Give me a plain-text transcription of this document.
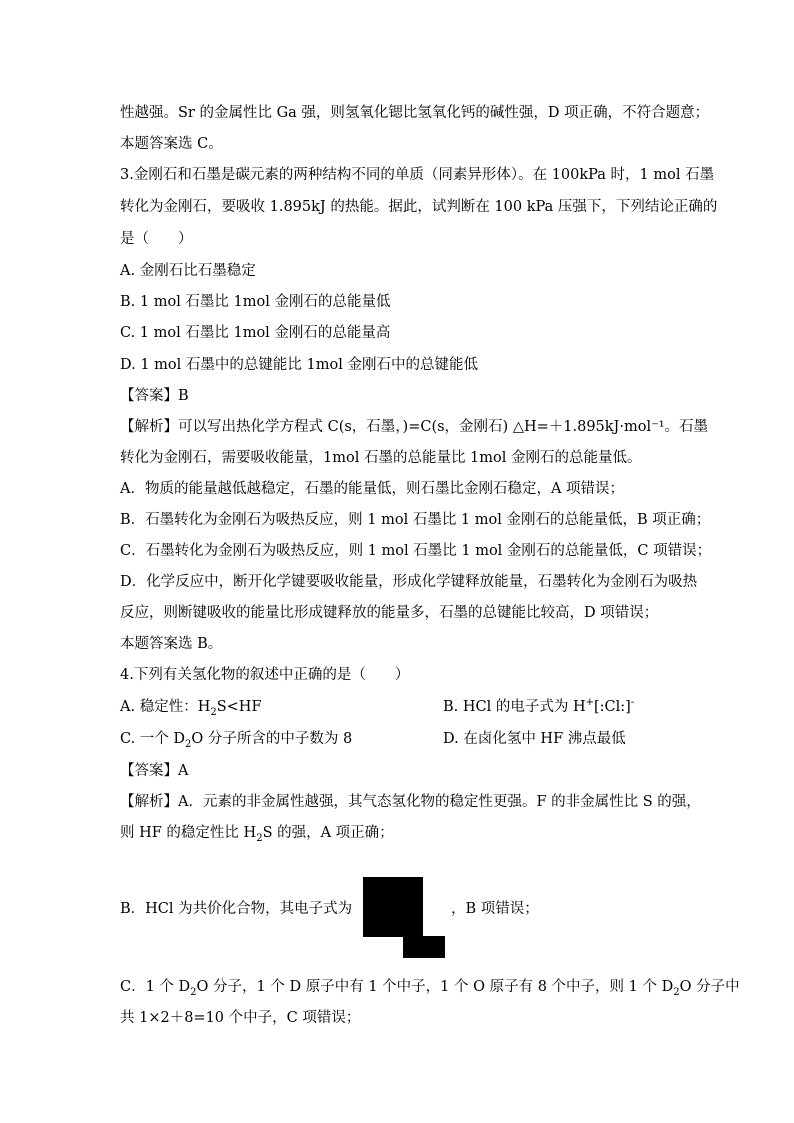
性越强。Sr 的金属性比 Ga 强，则氢氧化锶比氢氧化钙的碱性强，D 项正确，不符合题意；
本题答案选 C。
3.金刚石和石墨是碳元素的两种结构不同的单质（同素异形体）。在 100kPa 时，1 mol 石墨
转化为金刚石，要吸收 1.895kJ 的热能。据此，试判断在 100 kPa 压强下，下列结论正确的
是（　　）
A. 金刚石比石墨稳定
B. 1 mol 石墨比 1mol 金刚石的总能量低
C. 1 mol 石墨比 1mol 金刚石的总能量高
D. 1 mol 石墨中的总键能比 1mol 金刚石中的总键能低
【答案】B
【解析】可以写出热化学方程式 C(s，石墨，)=C(s，金刚石) △H=＋1.895kJ·mol⁻¹。石墨
转化为金刚石，需要吸收能量，1mol 石墨的总能量比 1mol 金刚石的总能量低。
A．物质的能量越低越稳定，石墨的能量低，则石墨比金刚石稳定，A 项错误；
B．石墨转化为金刚石为吸热反应，则 1 mol 石墨比 1 mol 金刚石的总能量低，B 项正确；
C．石墨转化为金刚石为吸热反应，则 1 mol 石墨比 1 mol 金刚石的总能量低，C 项错误；
D．化学反应中，断开化学键要吸收能量，形成化学键释放能量，石墨转化为金刚石为吸热
反应，则断键吸收的能量比形成键释放的能量多，石墨的总键能比较高，D 项错误；
本题答案选 B。
4.下列有关氢化物的叙述中正确的是（　　）
A. 稳定性：$H_2S<HF$	B. HCl 的电子式为 H+[:Cl:]-
C. 一个 $D_2O$ 分子所含的中子数为 8	D. 在卤化氢中 HF 沸点最低
【答案】A
【解析】A．元素的非金属性越强，其气态氢化物的稳定性更强。F 的非金属性比 S 的强，
则 HF 的稳定性比 $H_2S$ 的强，A 项正确；
B．HCl 为共价化合物，其电子式为	，B 项错误；
C．1 个 $D_2O$ 分子，1 个 D 原子中有 1 个中子，1 个 O 原子有 8 个中子，则 1 个 $D_2O$ 分子中
共 1×2＋8=10 个中子，C 项错误；
